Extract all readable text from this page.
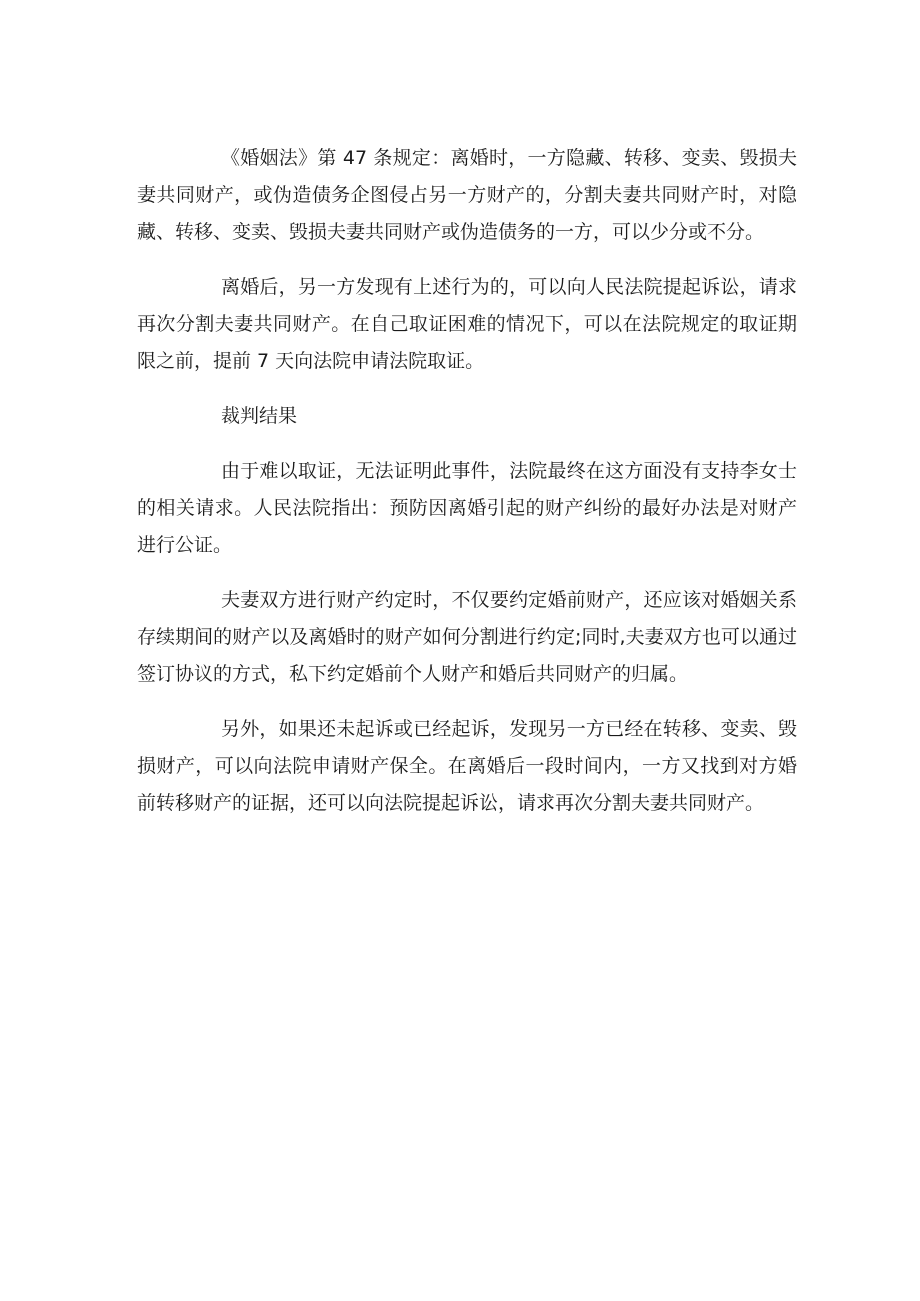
《婚姻法》第 47 条规定：离婚时，一方隐藏、转移、变卖、毁损夫妻共同财产，或伪造债务企图侵占另一方财产的，分割夫妻共同财产时，对隐藏、转移、变卖、毁损夫妻共同财产或伪造债务的一方，可以少分或不分。

离婚后，另一方发现有上述行为的，可以向人民法院提起诉讼，请求再次分割夫妻共同财产。在自己取证困难的情况下，可以在法院规定的取证期限之前，提前 7 天向法院申请法院取证。

裁判结果

由于难以取证，无法证明此事件，法院最终在这方面没有支持李女士的相关请求。人民法院指出：预防因离婚引起的财产纠纷的最好办法是对财产进行公证。

夫妻双方进行财产约定时，不仅要约定婚前财产，还应该对婚姻关系存续期间的财产以及离婚时的财产如何分割进行约定;同时,夫妻双方也可以通过签订协议的方式，私下约定婚前个人财产和婚后共同财产的归属。

另外，如果还未起诉或已经起诉，发现另一方已经在转移、变卖、毁损财产，可以向法院申请财产保全。在离婚后一段时间内，一方又找到对方婚前转移财产的证据，还可以向法院提起诉讼，请求再次分割夫妻共同财产。
